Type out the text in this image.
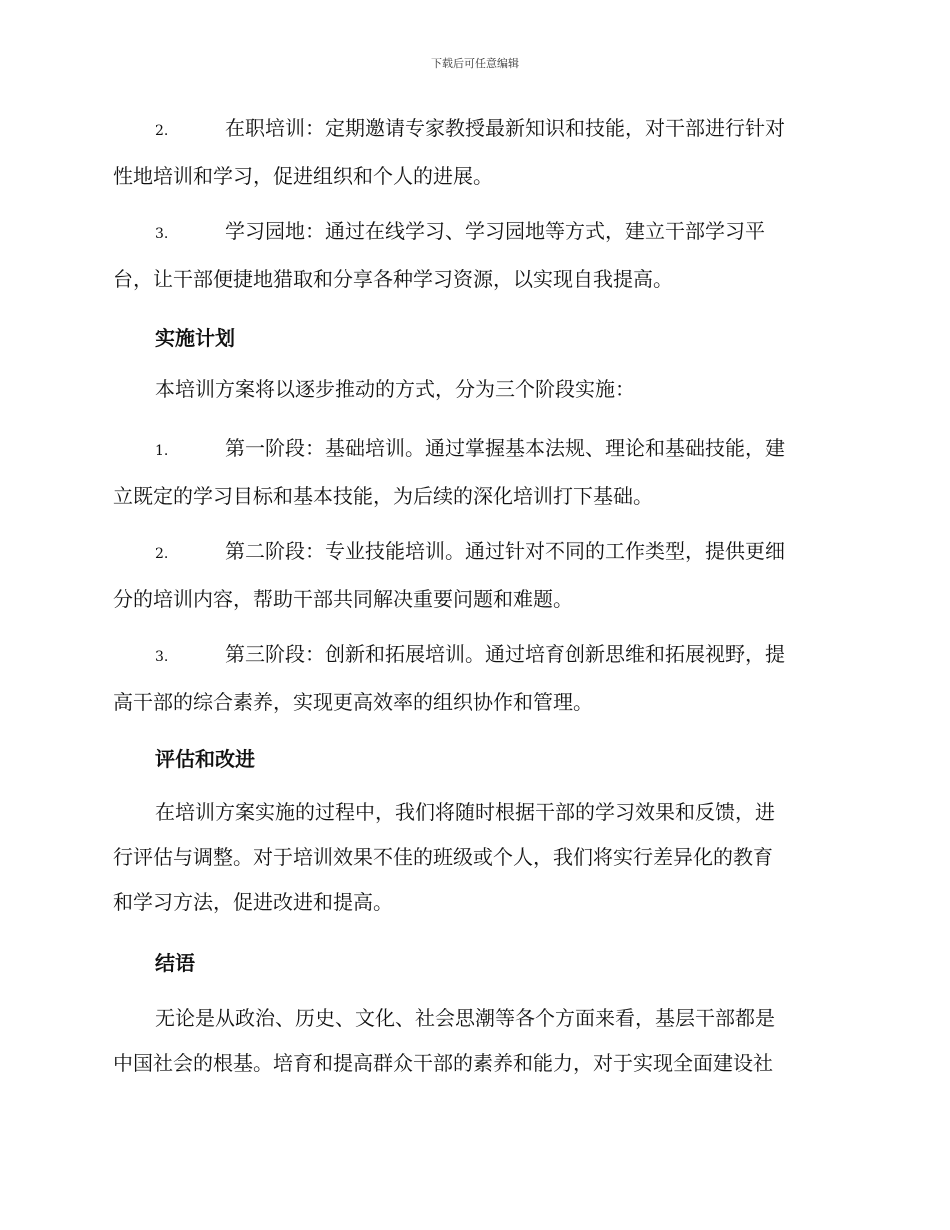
下载后可任意编辑
2.	在职培训：定期邀请专家教授最新知识和技能，对干部进行针对
性地培训和学习，促进组织和个人的进展。
3.	学习园地：通过在线学习、学习园地等方式，建立干部学习平
台，让干部便捷地猎取和分享各种学习资源，以实现自我提高。
实施计划
本培训方案将以逐步推动的方式，分为三个阶段实施：
1.	第一阶段：基础培训。通过掌握基本法规、理论和基础技能，建
立既定的学习目标和基本技能，为后续的深化培训打下基础。
2.	第二阶段：专业技能培训。通过针对不同的工作类型，提供更细
分的培训内容，帮助干部共同解决重要问题和难题。
3.	第三阶段：创新和拓展培训。通过培育创新思维和拓展视野，提
高干部的综合素养，实现更高效率的组织协作和管理。
评估和改进
在培训方案实施的过程中，我们将随时根据干部的学习效果和反馈，进
行评估与调整。对于培训效果不佳的班级或个人，我们将实行差异化的教育
和学习方法，促进改进和提高。
结语
无论是从政治、历史、文化、社会思潮等各个方面来看，基层干部都是
中国社会的根基。培育和提高群众干部的素养和能力，对于实现全面建设社
